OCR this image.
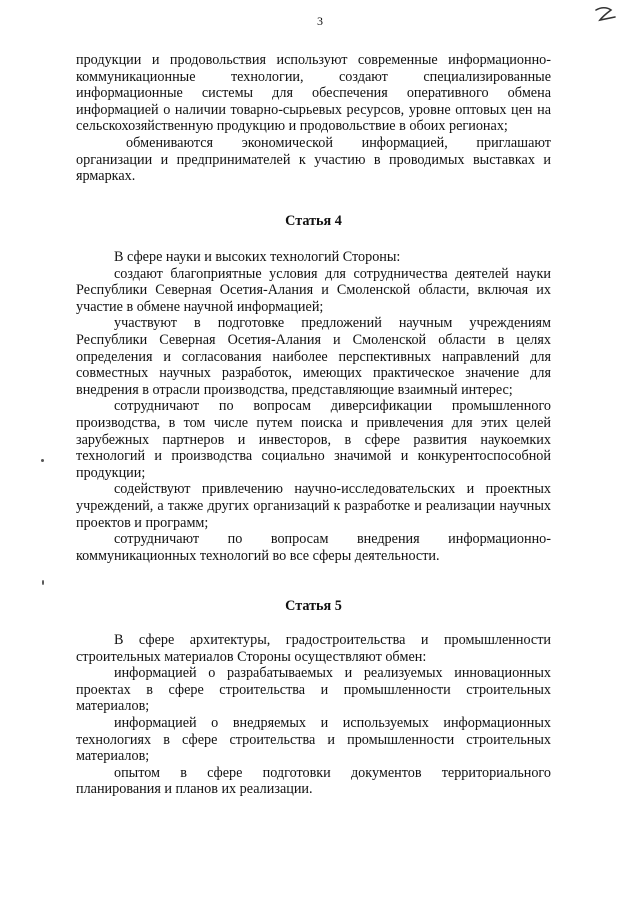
3

продукции и продовольствия используют современные информационно-коммуникационные технологии, создают специализированные информационные системы для обеспечения оперативного обмена информацией о наличии товарно-сырьевых ресурсов, уровне оптовых цен на сельскохозяйственную продукцию и продовольствие в обоих регионах;

обмениваются экономической информацией, приглашают организации и предпринимателей к участию в проводимых выставках и ярмарках.

Статья 4

В сфере науки и высоких технологий Стороны:

создают благоприятные условия для сотрудничества деятелей науки Республики Северная Осетия-Алания и Смоленской области, включая их участие в обмене научной информацией;

участвуют в подготовке предложений научным учреждениям Республики Северная Осетия-Алания и Смоленской области в целях определения и согласования наиболее перспективных направлений для совместных научных разработок, имеющих практическое значение для внедрения в отрасли производства, представляющие взаимный интерес;

сотрудничают по вопросам диверсификации промышленного производства, в том числе путем поиска и привлечения для этих целей зарубежных партнеров и инвесторов, в сфере развития наукоемких технологий и производства социально значимой и конкурентоспособной продукции;

содействуют привлечению научно-исследовательских и проектных учреждений, а также других организаций к разработке и реализации научных проектов и программ;

сотрудничают по вопросам внедрения информационно-коммуникационных технологий во все сферы деятельности.

Статья 5

В сфере архитектуры, градостроительства и промышленности строительных материалов Стороны осуществляют обмен:

информацией о разрабатываемых и реализуемых инновационных проектах в сфере строительства и промышленности строительных материалов;

информацией о внедряемых и используемых информационных технологиях в сфере строительства и промышленности строительных материалов;

опытом в сфере подготовки документов территориального планирования и планов их реализации.
